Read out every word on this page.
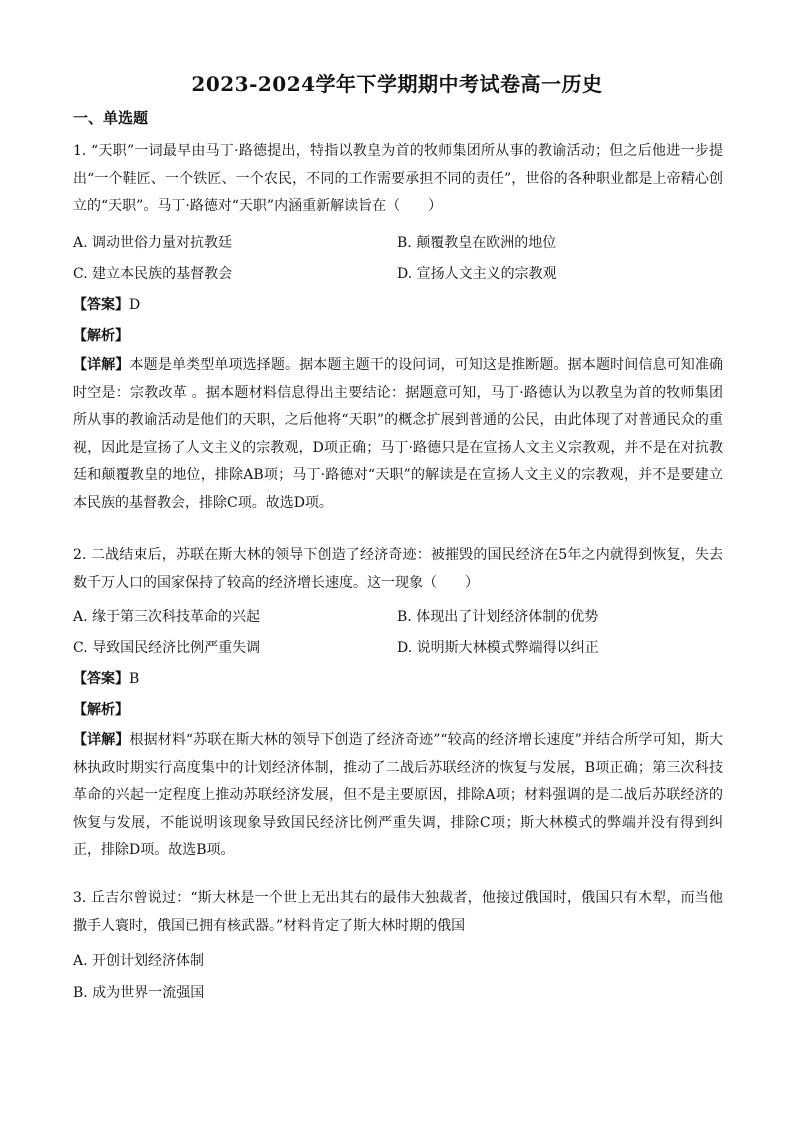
2023-2024学年下学期期中考试卷高一历史
一、单选题
1. “天职”一词最早由马丁·路德提出，特指以教皇为首的牧师集团所从事的教谕活动；但之后他进一步提出“一个鞋匠、一个铁匠、一个农民，不同的工作需要承担不同的责任”，世俗的各种职业都是上帝精心创立的“天职”。马丁·路德对“天职”内涵重新解读旨在（　　）
A. 调动世俗力量对抗教廷	B. 颠覆教皇在欧洲的地位
C. 建立本民族的基督教会	D. 宣扬人文主义的宗教观
【答案】D
【解析】
【详解】本题是单类型单项选择题。据本题主题干的设问词，可知这是推断题。据本题时间信息可知准确时空是：宗教改革 。据本题材料信息得出主要结论：据题意可知，马丁·路德认为以教皇为首的牧师集团所从事的教谕活动是他们的天职，之后他将“天职”的概念扩展到普通的公民，由此体现了对普通民众的重视，因此是宣扬了人文主义的宗教观，D项正确；马丁·路德只是在宣扬人文主义宗教观，并不是在对抗教廷和颠覆教皇的地位，排除AB项；马丁·路德对“天职”的解读是在宣扬人文主义的宗教观，并不是要建立本民族的基督教会，排除C项。故选D项。
2. 二战结束后，苏联在斯大林的领导下创造了经济奇迹：被摧毁的国民经济在5年之内就得到恢复，失去数千万人口的国家保持了较高的经济增长速度。这一现象（　　）
A. 缘于第三次科技革命的兴起	B. 体现出了计划经济体制的优势
C. 导致国民经济比例严重失调	D. 说明斯大林模式弊端得以纠正
【答案】B
【解析】
【详解】根据材料“苏联在斯大林的领导下创造了经济奇迹”“较高的经济增长速度”并结合所学可知，斯大林执政时期实行高度集中的计划经济体制，推动了二战后苏联经济的恢复与发展，B项正确；第三次科技革命的兴起一定程度上推动苏联经济发展，但不是主要原因，排除A项；材料强调的是二战后苏联经济的恢复与发展，不能说明该现象导致国民经济比例严重失调，排除C项；斯大林模式的弊端并没有得到纠正，排除D项。故选B项。
3. 丘吉尔曾说过：“斯大林是一个世上无出其右的最伟大独裁者，他接过俄国时，俄国只有木犁，而当他撒手人寰时，俄国已拥有核武器。”材料肯定了斯大林时期的俄国
A. 开创计划经济体制
B. 成为世界一流强国
